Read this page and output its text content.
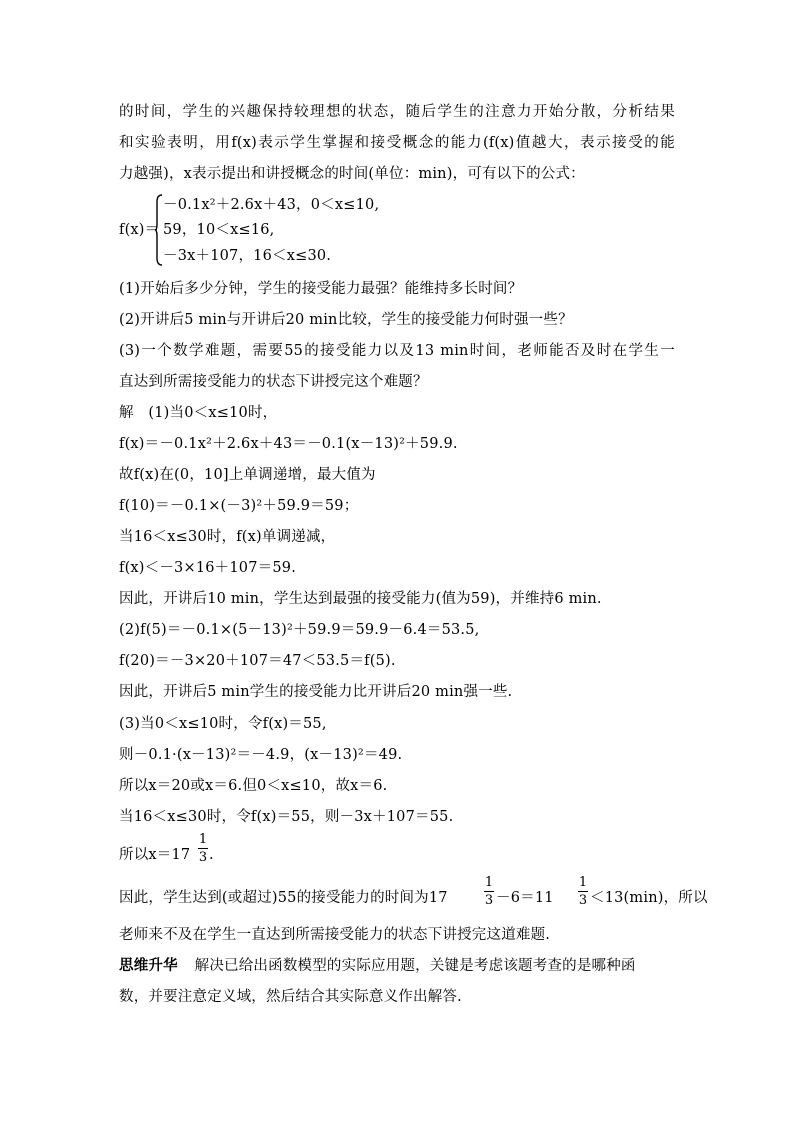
的时间，学生的兴趣保持较理想的状态，随后学生的注意力开始分散，分析结果
和实验表明，用f(x)表示学生掌握和接受概念的能力(f(x)值越大，表示接受的能
力越强)，x表示提出和讲授概念的时间(单位：min)，可有以下的公式：
f(x)＝
－0.1x²＋2.6x＋43，0＜x≤10,
59，10＜x≤16,
－3x＋107，16＜x≤30.
(1)开始后多少分钟，学生的接受能力最强？能维持多长时间？
(2)开讲后5 min与开讲后20 min比较，学生的接受能力何时强一些？
(3)一个数学难题，需要55的接受能力以及13 min时间，老师能否及时在学生一
直达到所需接受能力的状态下讲授完这个难题？
解　(1)当0＜x≤10时，
f(x)＝－0.1x²＋2.6x＋43＝－0.1(x－13)²＋59.9.
故f(x)在(0，10]上单调递增，最大值为
f(10)＝－0.1×(－3)²＋59.9＝59；
当16＜x≤30时，f(x)单调递减，
f(x)＜－3×16＋107＝59.
因此，开讲后10 min，学生达到最强的接受能力(值为59)，并维持6 min.
(2)f(5)＝－0.1×(5－13)²＋59.9＝59.9－6.4＝53.5,
f(20)＝－3×20＋107＝47＜53.5＝f(5).
因此，开讲后5 min学生的接受能力比开讲后20 min强一些.
(3)当0＜x≤10时，令f(x)＝55,
则－0.1·(x－13)²＝－4.9，(x－13)²＝49.
所以x＝20或x＝6.但0＜x≤10，故x＝6.
当16＜x≤30时，令f(x)＝55，则－3x＋107＝55.
所以x＝17
1
3 .
因此，学生达到(或超过)55的接受能力的时间为17
1
3 －6＝11
1
3 ＜13(min)，所以
老师来不及在学生一直达到所需接受能力的状态下讲授完这道难题.
思维升华 解决已给出函数模型的实际应用题，关键是考虑该题考查的是哪种函
数，并要注意定义域，然后结合其实际意义作出解答.
